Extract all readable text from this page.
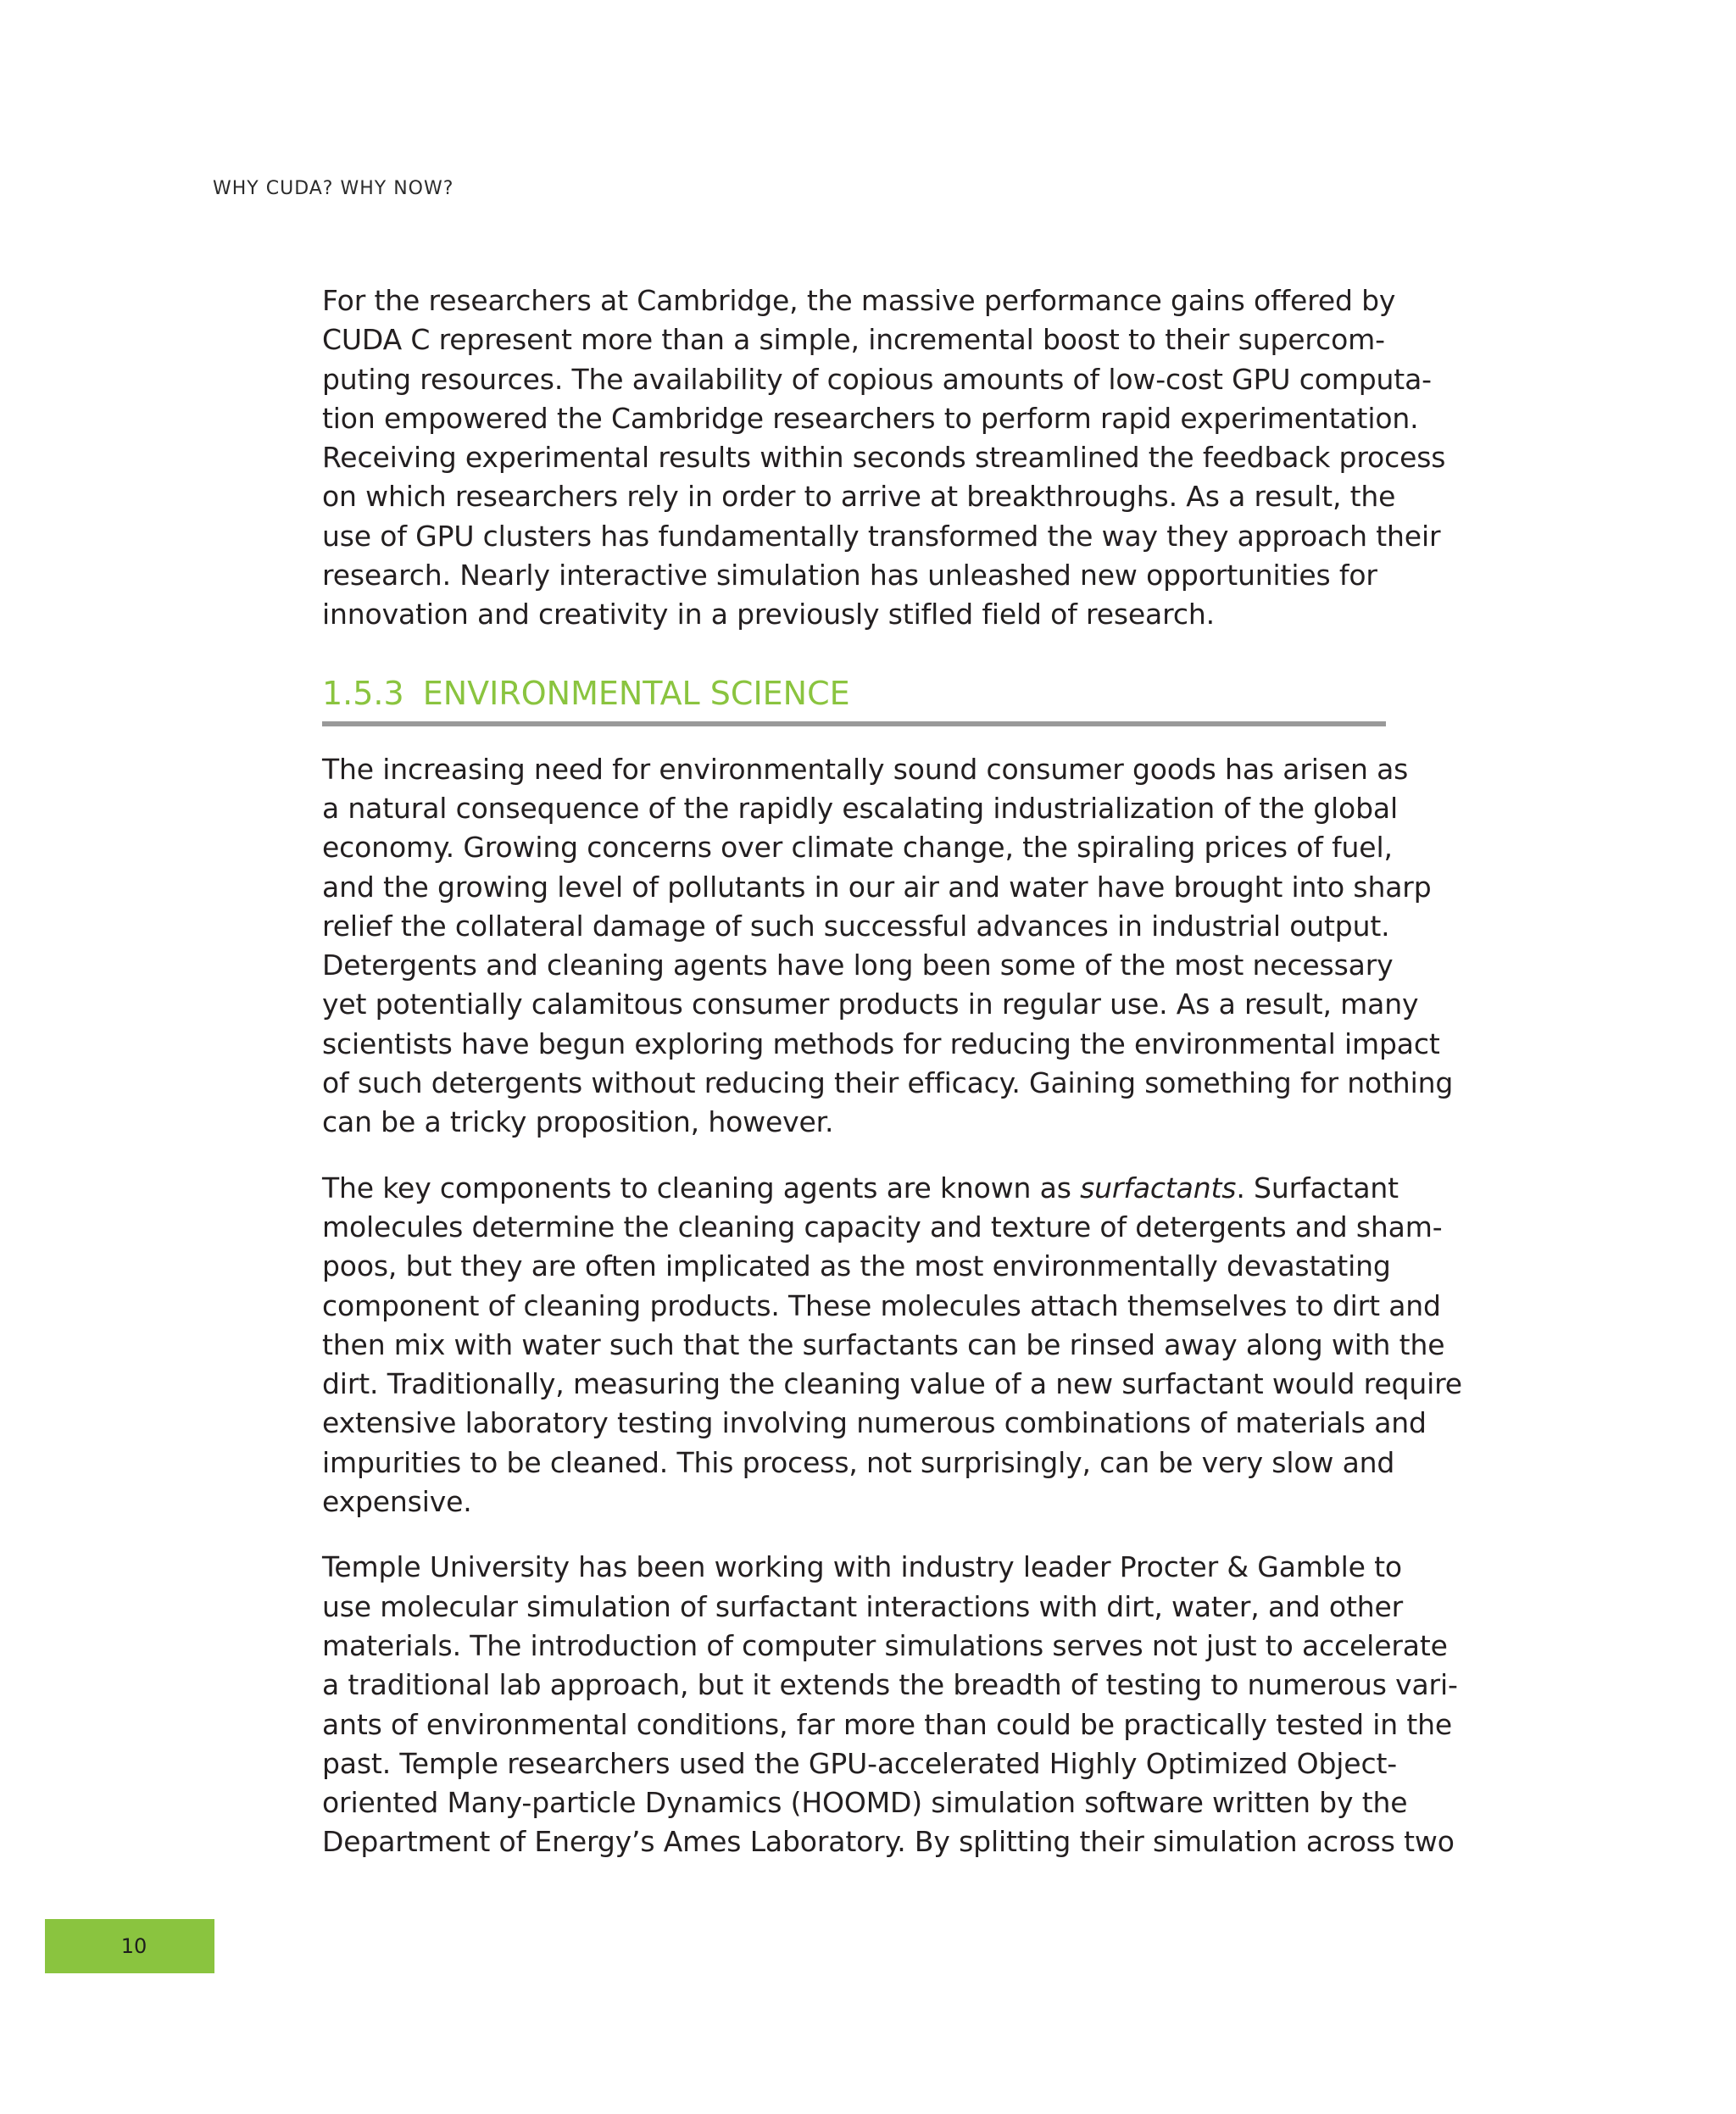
WHY CUDA? WHY NOW?

For the researchers at Cambridge, the massive performance gains offered by
CUDA C represent more than a simple, incremental boost to their supercom-
puting resources. The availability of copious amounts of low-cost GPU computa-
tion empowered the Cambridge researchers to perform rapid experimentation.
Receiving experimental results within seconds streamlined the feedback process
on which researchers rely in order to arrive at breakthroughs. As a result, the
use of GPU clusters has fundamentally transformed the way they approach their
research. Nearly interactive simulation has unleashed new opportunities for
innovation and creativity in a previously stifled field of research.

1.5.3 ENVIRONMENTAL SCIENCE

The increasing need for environmentally sound consumer goods has arisen as
a natural consequence of the rapidly escalating industrialization of the global
economy. Growing concerns over climate change, the spiraling prices of fuel,
and the growing level of pollutants in our air and water have brought into sharp
relief the collateral damage of such successful advances in industrial output.
Detergents and cleaning agents have long been some of the most necessary
yet potentially calamitous consumer products in regular use. As a result, many
scientists have begun exploring methods for reducing the environmental impact
of such detergents without reducing their efficacy. Gaining something for nothing
can be a tricky proposition, however.

The key components to cleaning agents are known as surfactants. Surfactant
molecules determine the cleaning capacity and texture of detergents and sham-
poos, but they are often implicated as the most environmentally devastating
component of cleaning products. These molecules attach themselves to dirt and
then mix with water such that the surfactants can be rinsed away along with the
dirt. Traditionally, measuring the cleaning value of a new surfactant would require
extensive laboratory testing involving numerous combinations of materials and
impurities to be cleaned. This process, not surprisingly, can be very slow and
expensive.

Temple University has been working with industry leader Procter & Gamble to
use molecular simulation of surfactant interactions with dirt, water, and other
materials. The introduction of computer simulations serves not just to accelerate
a traditional lab approach, but it extends the breadth of testing to numerous vari-
ants of environmental conditions, far more than could be practically tested in the
past. Temple researchers used the GPU-accelerated Highly Optimized Object-
oriented Many-particle Dynamics (HOOMD) simulation software written by the
Department of Energy’s Ames Laboratory. By splitting their simulation across two

10
